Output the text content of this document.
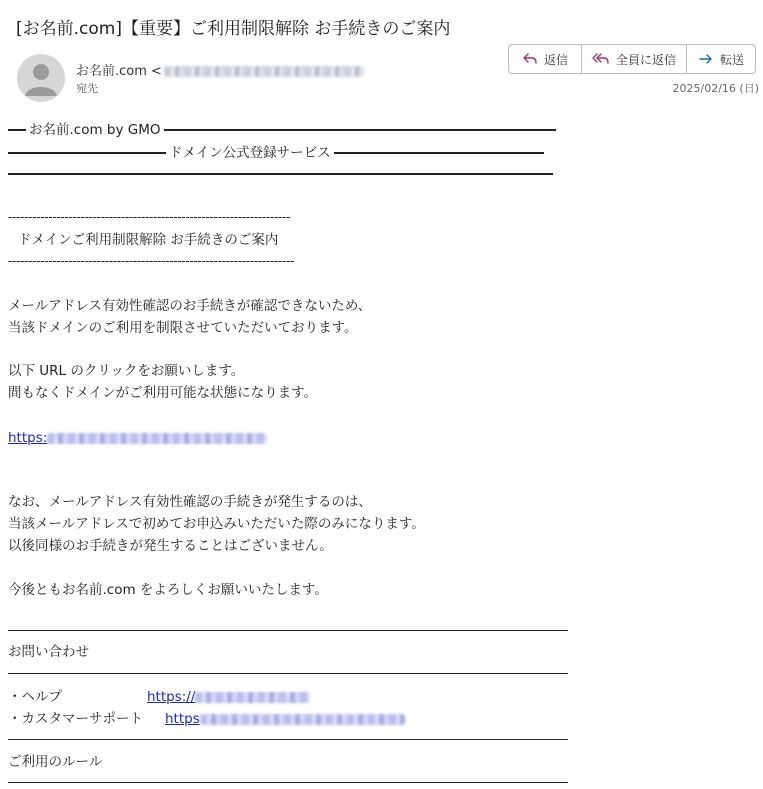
[お名前.com]【重要】ご利用制限解除 お手続きのご案内
お名前.com <
宛先
返信	全員に返信	転送
2025/02/16 (日)
お名前.com by GMO
ドメイン公式登録サービス
----------------------------------------------------------------------
ドメインご利用制限解除 お手続きのご案内
-----------------------------------------------------------------------
メールアドレス有効性確認のお手続きが確認できないため、
当該ドメインのご利用を制限させていただいております。
以下 URL のクリックをお願いします。
間もなくドメインがご利用可能な状態になります。
https:
なお、メールアドレス有効性確認の手続きが発生するのは、
当該メールアドレスで初めてお申込みいただいた際のみになります。
以後同様のお手続きが発生することはございません。
今後ともお名前.com をよろしくお願いいたします。
お問い合わせ
・ヘルプ	https://
・カスタマーサポート https
ご利用のルール
